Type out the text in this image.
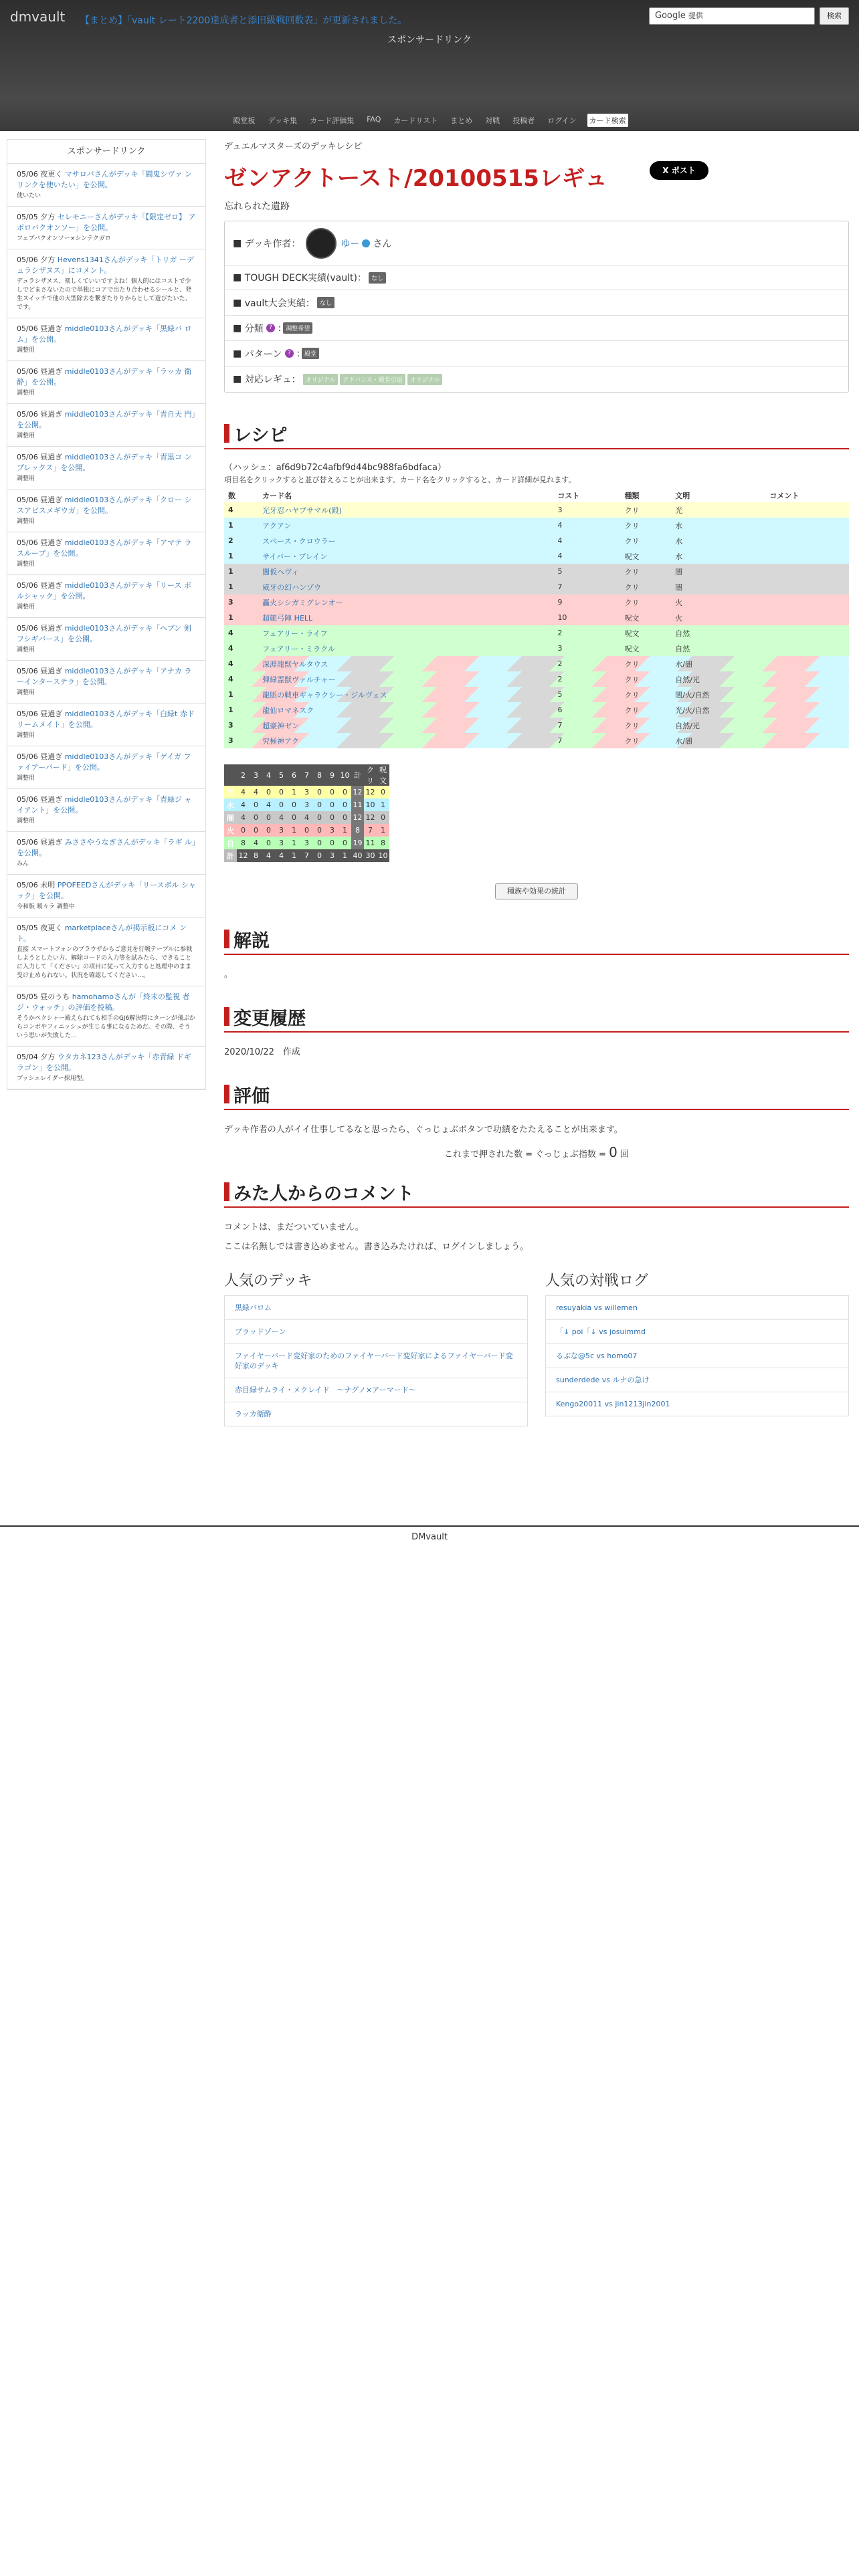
dmvault 【まとめ】「vault レート2200達成者と添田級戦回数表」が更新されました。
スポンサードリンク
Google 提供	検索
殿堂板 デッキ集 カード評価集 FAQ カードリスト まとめ 対戦 投稿者 ログイン カード検索
スポンサードリンク
05/06 夜更く マサロバさんがデッキ「闘鬼シヴァ ンリンクを使いたい」を公開。
使いたい
05/05 夕方 セレモニーさんがデッキ「【限定ゼロ】 アボロバクオンソー」を公開。
フェブバクオンソー×シンテクガロ
05/06 夕方 Hevens1341さんがデッキ「トリガ ーデュラシザヌス」にコメント。
デュラシザヌス、楽しくていいですよね！個人的にはコストで少しでどまさないたので単独にコアで出たり合わせるシールと、発生スイッチで他の大型除去を繋ぎたりりからとして遊びたいた、です。
05/06 昼過ぎ middle0103さんがデッキ「黒緑バ ロム」を公開。
調整用
05/06 昼過ぎ middle0103さんがデッキ「ラッカ 衛酔」を公開。
調整用
05/06 昼過ぎ middle0103さんがデッキ「青自天 門」を公開。
調整用
05/06 昼過ぎ middle0103さんがデッキ「青黒コ ンプレックス」を公開。
調整用
05/06 昼過ぎ middle0103さんがデッキ「クロー シスアビスメギウガ」を公開。
調整用
05/06 昼過ぎ middle0103さんがデッキ「アマテ ラスループ」を公開。
調整用
05/06 昼過ぎ middle0103さんがデッキ「リース ボルシャック」を公開。
調整用
05/06 昼過ぎ middle0103さんがデッキ「ヘブン 剣フシギバース」を公開。
調整用
05/06 昼過ぎ middle0103さんがデッキ「アナカ ラーインターステラ」を公開。
調整用
05/06 昼過ぎ middle0103さんがデッキ「白緑t 赤ドリームメイト」を公開。
調整用
05/06 昼過ぎ middle0103さんがデッキ「ゲイガ ファイアーバード」を公開。
調整用
05/06 昼過ぎ middle0103さんがデッキ「青緑ジ ャイアント」を公開。
調整用
05/06 昼過ぎ みささやうなぎさんがデッキ「ラギ ル」を公開。
みん
05/06 未明 PPOFEEDさんがデッキ「リースボル シャック」を公開。
今和版 暖々ラ 調整中
05/05 夜更く marketplaceさんが掲示板にコメ ント。
直接 スマートフォンのブラウザからご意見を行戦テーブルに参戦しようとしたい方、解除コードの入力等を試みたら、できることに入力して「ください」の項目に従って入力すると処理中のまま受け止められない。状況を確認してください…。
05/05 昼のうち hamohamoさんが「終末の監視 者　ジ・ウォッチ」の評価を投稿。
そうかペクシャー殿えられても相手のGJ6解決時にターンが飛ぶからコンボやフィニッシュが生じる事になるためだ。その際、そういう思いが失敗した…
05/04 夕方 ウタカネ123さんがデッキ「赤青緑 ドギラゴン」を公開。
ブッシュレイダー採用型。
デュエルマスターズのデッキレシピ
ゼンアクトースト/20100515レギュ	X ポスト
忘れられた遺跡
■ デッキ作者：	ゆー さん
■ TOUGH DECK実績(vault)： なし
■ vault大会実績： なし
■ 分類
? : 調整希望
■ パターン
? : 殿堂
■ 対応レギュ： オリジナル	アドバンス・殿堂引退	オリジナル
レシピ
（ハッシュ：af6d9b72c4afbf9d44bc988fa6bdfaca）
項目名をクリックすると並び替えることが出来ます。カード名をクリックすると、カード詳細が見れます。
数	カード名	コスト	種類	文明	コメント
4	光牙忍ハヤブサマル(殿)	3	クリ	光	
1	アクアン	4	クリ	水	
2	スペース・クロウラー	4	クリ	水	
1	サイバー・ブレイン	4	呪文	水	
1	闇仮ヘヴィ	5	クリ	闇	
1	威牙の幻ハンゾウ	7	クリ	闇	
3	轟火シシガミグレンオー	9	クリ	火	
1	超範弓陣 HELL	10	呪文	火	
4	フェアリー・ライフ	2	呪文	自然	
4	フェアリー・ミラクル	3	呪文	自然	
4	深淵龍獣ヤルタウス	2	クリ	水/闇	
4	弾緑霊獣ヴァルチャー	2	クリ	自然/光	
1	龍脈の戦車ギャラクシー・ジルヴェス	5	クリ	闇/火/自然	
1	龍仙ロマネスク	6	クリ	光/火/自然	
3	超豪神ゼン	7	クリ	自然/光	
3	究極神アク	7	クリ	水/闇	
	2	3	4	5	6	7	8	9	10	計	クリ	呪文
光	4	4	0	0	1	3	0	0	0	12	12	0
水	4	0	4	0	0	3	0	0	0	11	10	1
闇	4	0	0	4	0	4	0	0	0	12	12	0
火	0	0	0	3	1	0	0	3	1	8	7	1
自	8	4	0	3	1	3	0	0	0	19	11	8
計	12	8	4	4	1	7	0	3	1	40	30	10
種族や効果の統計
解説
。
変更履歴
2020/10/22　作成
評価
デッキ作者の人がイイ仕事してるなと思ったら、ぐっじょぶボタンで功績をたたえることが出来ます。
これまで押された数 = ぐっじょぶ指数 = 0 回
みた人からのコメント
コメントは、まだついていません。
ここは名無しでは書き込めません。書き込みたければ、ログインしましょう。
人気のデッキ
黒緑バロム
ブラッドゾーン
ファイヤーバード変好家のためのファイヤーバード変好家によるファイヤーバード変好家のデッキ
赤目緑サムライ・メクレイド　～ナグノ×アーマード～
ラッカ衛酔
人気の対戦ログ
resuyakia vs willemen
「↓ poi「↓ vs josuimmd
るぶな@5c vs homo07
sunderdede vs ルナの急け
Kengo20011 vs jin1213jin2001
DMvault
